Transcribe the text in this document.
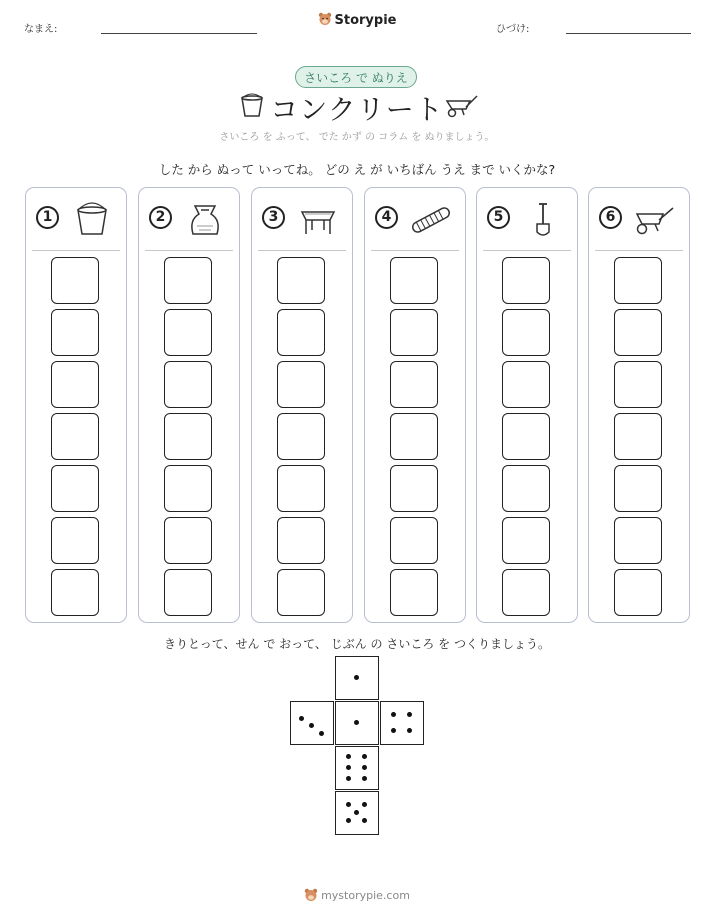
なまえ:
Storypie
ひづけ:
さいころ で ぬりえ
コンクリート
さいころ を ふって、 でた かず の コラム を ぬりましょう。
した から ぬって いってね。 どの え が いちばん うえ まで いくかな?
1	2	3	4	5	6
きりとって、せん で おって、 じぶん の さいころ を つくりましょう。
mystorypie.com
